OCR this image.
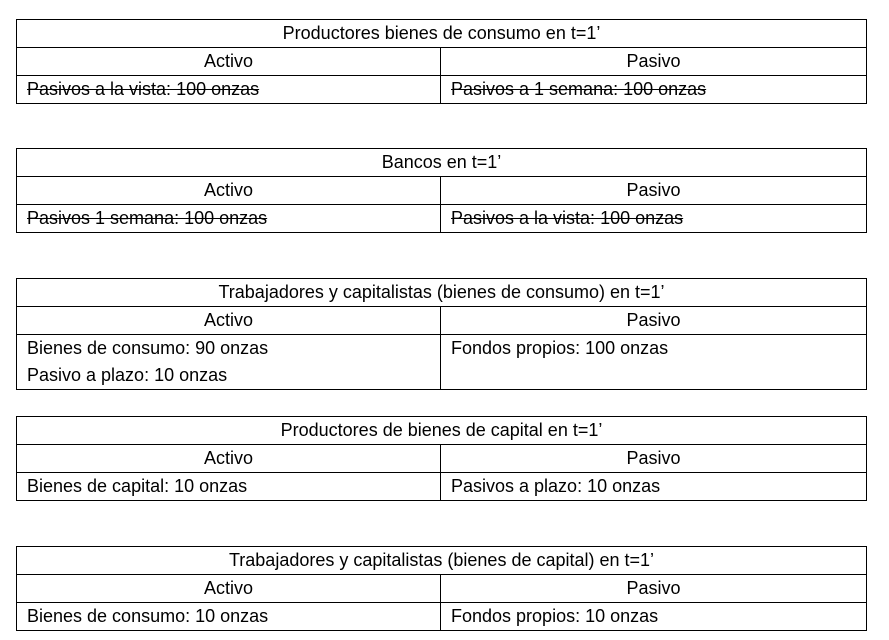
Productores bienes de consumo en t=1’	
Activo	Pasivo

Pasivos a la vista: 100 onzas	Pasivos a 1 semana: 100 onzas
Bancos en t=1’	
Activo	Pasivo

Pasivos 1 semana: 100 onzas	Pasivos a la vista: 100 onzas
Trabajadores y capitalistas (bienes de consumo) en t=1’	
Activo	Pasivo

Bienes de consumo: 90 onzas
Pasivo a plazo: 10 onzas	Fondos propios: 100 onzas
Productores de bienes de capital en t=1’	
Activo	Pasivo

Bienes de capital: 10 onzas	Pasivos a plazo: 10 onzas
Trabajadores y capitalistas (bienes de capital) en t=1’	
Activo	Pasivo

Bienes de consumo: 10 onzas	Fondos propios: 10 onzas
